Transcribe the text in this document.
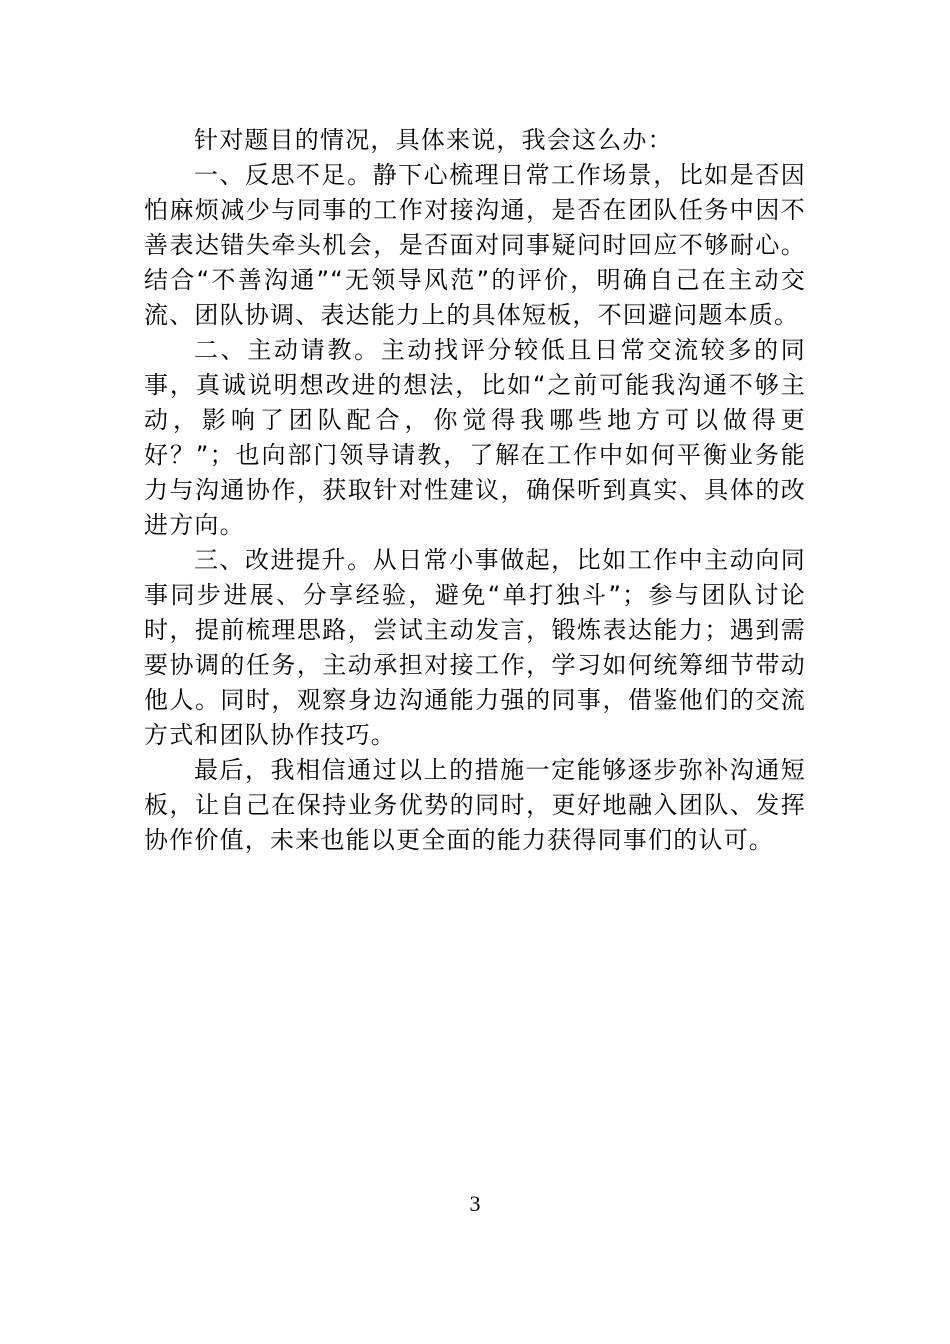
针对题目的情况，具体来说，我会这么办：

一、反思不足。静下心梳理日常工作场景，比如是否因怕麻烦减少与同事的工作对接沟通，是否在团队任务中因不善表达错失牵头机会，是否面对同事疑问时回应不够耐心。结合“不善沟通”“无领导风范”的评价，明确自己在主动交流、团队协调、表达能力上的具体短板，不回避问题本质。

二、主动请教。主动找评分较低且日常交流较多的同事，真诚说明想改进的想法，比如“之前可能我沟通不够主动，影响了团队配合，你觉得我哪些地方可以做得更好？”；也向部门领导请教，了解在工作中如何平衡业务能力与沟通协作，获取针对性建议，确保听到真实、具体的改进方向。

三、改进提升。从日常小事做起，比如工作中主动向同事同步进展、分享经验，避免“单打独斗”；参与团队讨论时，提前梳理思路，尝试主动发言，锻炼表达能力；遇到需要协调的任务，主动承担对接工作，学习如何统筹细节带动他人。同时，观察身边沟通能力强的同事，借鉴他们的交流方式和团队协作技巧。

最后，我相信通过以上的措施一定能够逐步弥补沟通短板，让自己在保持业务优势的同时，更好地融入团队、发挥协作价值，未来也能以更全面的能力获得同事们的认可。

3
